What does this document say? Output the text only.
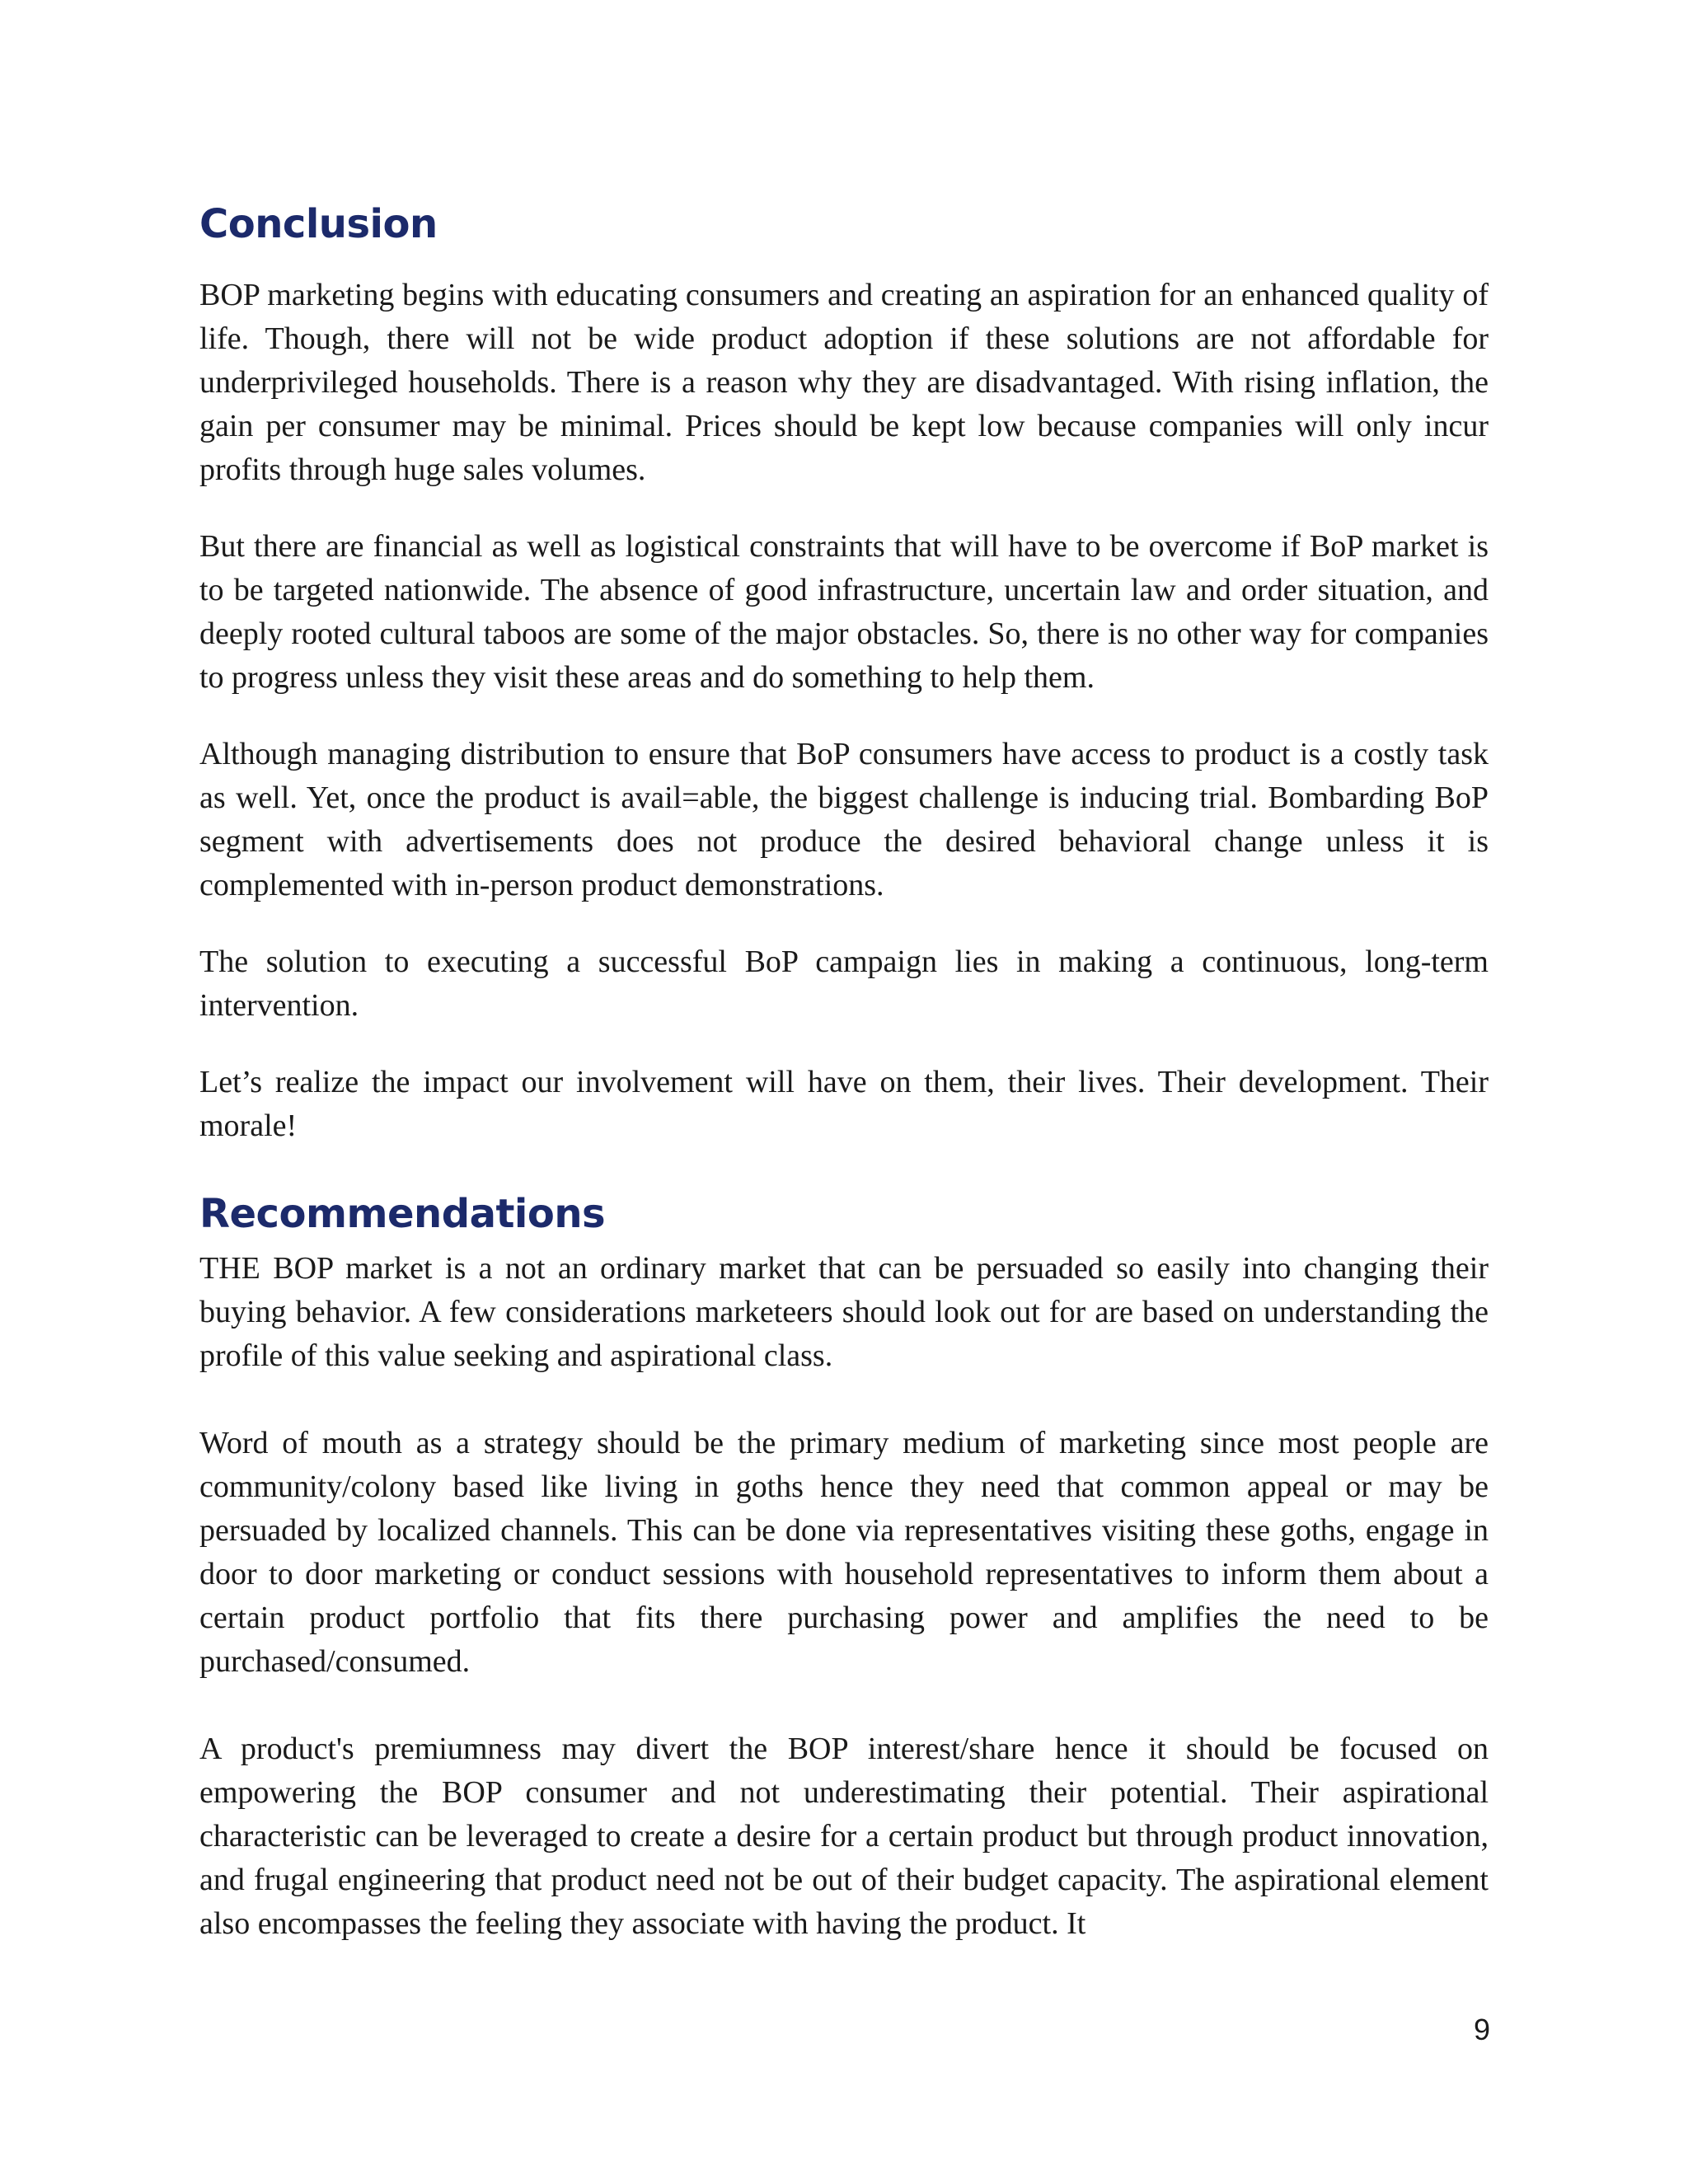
Conclusion

BOP marketing begins with educating consumers and creating an aspiration for an enhanced quality of life. Though, there will not be wide product adoption if these solutions are not affordable for underprivileged households. There is a reason why they are disadvantaged. With rising inflation, the gain per consumer may be minimal. Prices should be kept low because companies will only incur profits through huge sales volumes.

But there are financial as well as logistical constraints that will have to be overcome if BoP market is to be targeted nationwide. The absence of good infrastructure, uncertain law and order situation, and deeply rooted cultural taboos are some of the major obstacles. So, there is no other way for companies to progress unless they visit these areas and do something to help them.

Although managing distribution to ensure that BoP consumers have access to product is a costly task as well. Yet, once the product is avail=able, the biggest challenge is inducing trial. Bombarding BoP segment with advertisements does not produce the desired behavioral change unless it is complemented with in-person product demonstrations.

The solution to executing a successful BoP campaign lies in making a continuous, long-term intervention.

Let’s realize the impact our involvement will have on them, their lives. Their development. Their morale!

Recommendations

THE BOP market is a not an ordinary market that can be persuaded so easily into changing their buying behavior. A few considerations marketeers should look out for are based on understanding the profile of this value seeking and aspirational class.

Word of mouth as a strategy should be the primary medium of marketing since most people are community/colony based like living in goths hence they need that common appeal or may be persuaded by localized channels. This can be done via representatives visiting these goths, engage in door to door marketing or conduct sessions with household representatives to inform them about a certain product portfolio that fits there purchasing power and amplifies the need to be purchased/consumed.

A product's premiumness may divert the BOP interest/share hence it should be focused on empowering the BOP consumer and not underestimating their potential. Their aspirational characteristic can be leveraged to create a desire for a certain product but through product innovation, and frugal engineering that product need not be out of their budget capacity. The aspirational element also encompasses the feeling they associate with having the product. It

9
